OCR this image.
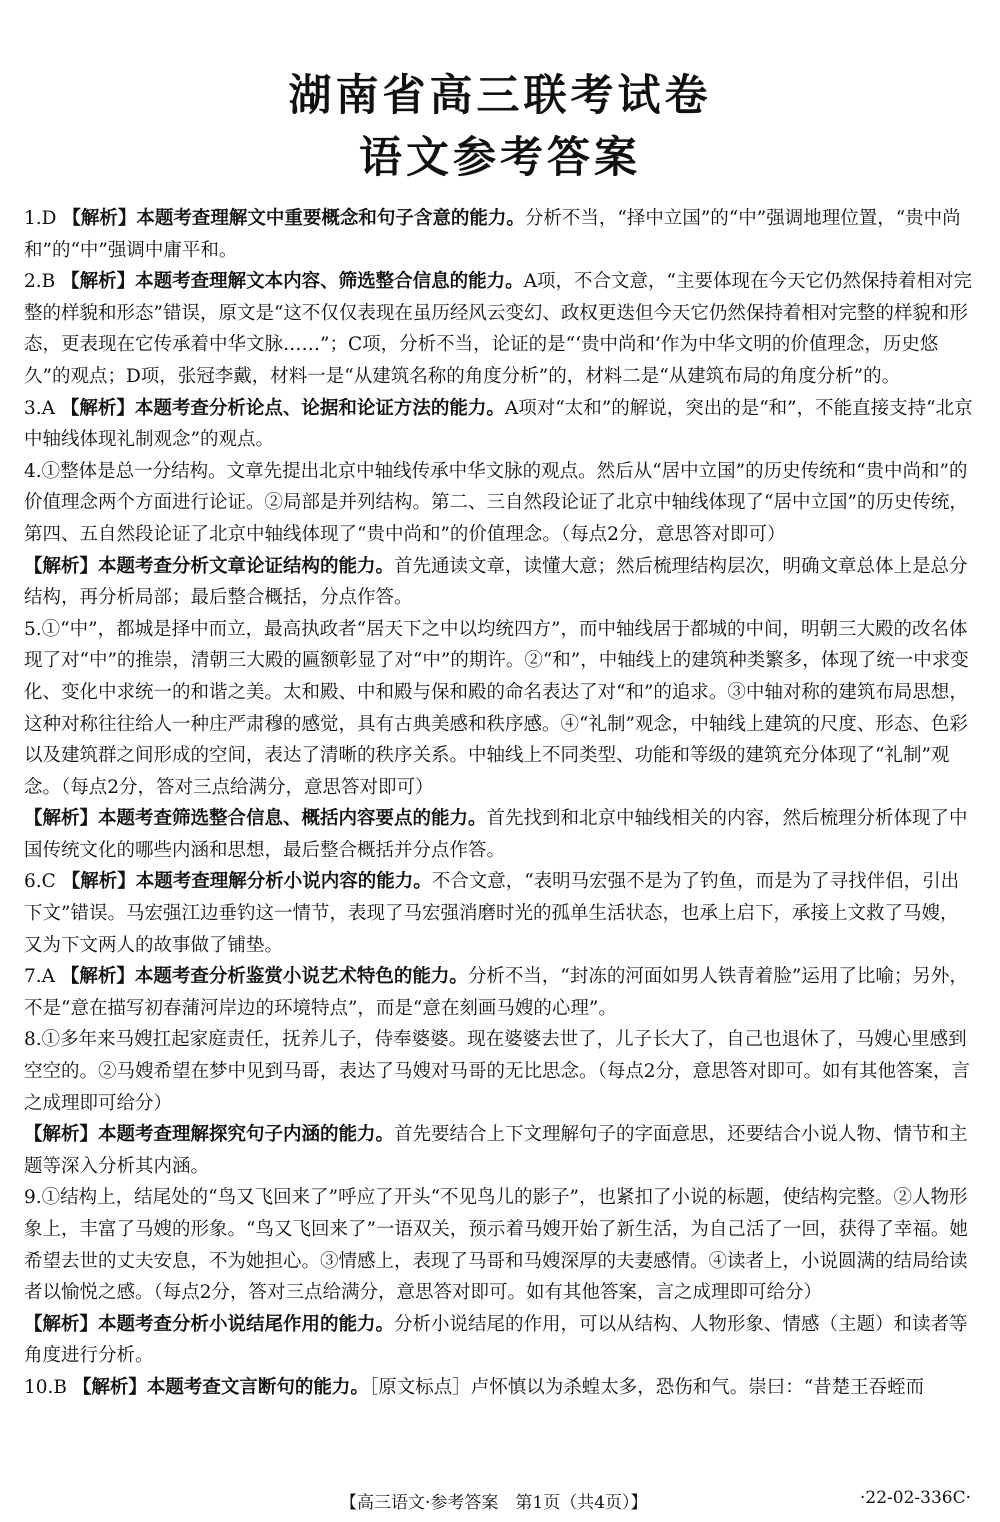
湖南省高三联考试卷
语文参考答案

1.D 【解析】本题考查理解文中重要概念和句子含意的能力。分析不当，“择中立国”的“中”强调地理位置，“贵中尚和”的“中”强调中庸平和。

2.B 【解析】本题考查理解文本内容、筛选整合信息的能力。A项，不合文意，“主要体现在今天它仍然保持着相对完整的样貌和形态”错误，原文是“这不仅仅表现在虽历经风云变幻、政权更迭但今天它仍然保持着相对完整的样貌和形态，更表现在它传承着中华文脉……”；C项，分析不当，论证的是“‘贵中尚和’作为中华文明的价值理念，历史悠久”的观点；D项，张冠李戴，材料一是“从建筑名称的角度分析”的，材料二是“从建筑布局的角度分析”的。

3.A 【解析】本题考查分析论点、论据和论证方法的能力。A项对“太和”的解说，突出的是“和”，不能直接支持“北京中轴线体现礼制观念”的观点。

4.①整体是总一分结构。文章先提出北京中轴线传承中华文脉的观点。然后从“居中立国”的历史传统和“贵中尚和”的价值理念两个方面进行论证。②局部是并列结构。第二、三自然段论证了北京中轴线体现了“居中立国”的历史传统，第四、五自然段论证了北京中轴线体现了“贵中尚和”的价值理念。（每点2分，意思答对即可）

【解析】本题考查分析文章论证结构的能力。首先通读文章，读懂大意；然后梳理结构层次，明确文章总体上是总分结构，再分析局部；最后整合概括，分点作答。

5.①“中”，都城是择中而立，最高执政者“居天下之中以均统四方”，而中轴线居于都城的中间，明朝三大殿的改名体现了对“中”的推崇，清朝三大殿的匾额彰显了对“中”的期许。②“和”，中轴线上的建筑种类繁多，体现了统一中求变化、变化中求统一的和谐之美。太和殿、中和殿与保和殿的命名表达了对“和”的追求。③中轴对称的建筑布局思想，这种对称往往给人一种庄严肃穆的感觉，具有古典美感和秩序感。④“礼制”观念，中轴线上建筑的尺度、形态、色彩以及建筑群之间形成的空间，表达了清晰的秩序关系。中轴线上不同类型、功能和等级的建筑充分体现了“礼制”观念。（每点2分，答对三点给满分，意思答对即可）

【解析】本题考查筛选整合信息、概括内容要点的能力。首先找到和北京中轴线相关的内容，然后梳理分析体现了中国传统文化的哪些内涵和思想，最后整合概括并分点作答。

6.C 【解析】本题考查理解分析小说内容的能力。不合文意，“表明马宏强不是为了钓鱼，而是为了寻找伴侣，引出下文”错误。马宏强江边垂钓这一情节，表现了马宏强消磨时光的孤单生活状态，也承上启下，承接上文救了马嫂，又为下文两人的故事做了铺垫。

7.A 【解析】本题考查分析鉴赏小说艺术特色的能力。分析不当，“封冻的河面如男人铁青着脸”运用了比喻；另外，不是“意在描写初春蒲河岸边的环境特点”，而是“意在刻画马嫂的心理”。

8.①多年来马嫂扛起家庭责任，抚养儿子，侍奉婆婆。现在婆婆去世了，儿子长大了，自己也退休了，马嫂心里感到空空的。②马嫂希望在梦中见到马哥，表达了马嫂对马哥的无比思念。（每点2分，意思答对即可。如有其他答案，言之成理即可给分）

【解析】本题考查理解探究句子内涵的能力。首先要结合上下文理解句子的字面意思，还要结合小说人物、情节和主题等深入分析其内涵。

9.①结构上，结尾处的“鸟又飞回来了”呼应了开头“不见鸟儿的影子”，也紧扣了小说的标题，使结构完整。②人物形象上，丰富了马嫂的形象。“鸟又飞回来了”一语双关，预示着马嫂开始了新生活，为自己活了一回，获得了幸福。她希望去世的丈夫安息，不为她担心。③情感上，表现了马哥和马嫂深厚的夫妻感情。④读者上，小说圆满的结局给读者以愉悦之感。（每点2分，答对三点给满分，意思答对即可。如有其他答案，言之成理即可给分）

【解析】本题考查分析小说结尾作用的能力。分析小说结尾的作用，可以从结构、人物形象、情感（主题）和读者等角度进行分析。

10.B 【解析】本题考查文言断句的能力。［原文标点］卢怀慎以为杀蝗太多，恐伤和气。崇曰：“昔楚王吞蛭而

【高三语文·参考答案　第1页（共4页）】	·22-02-336C·
